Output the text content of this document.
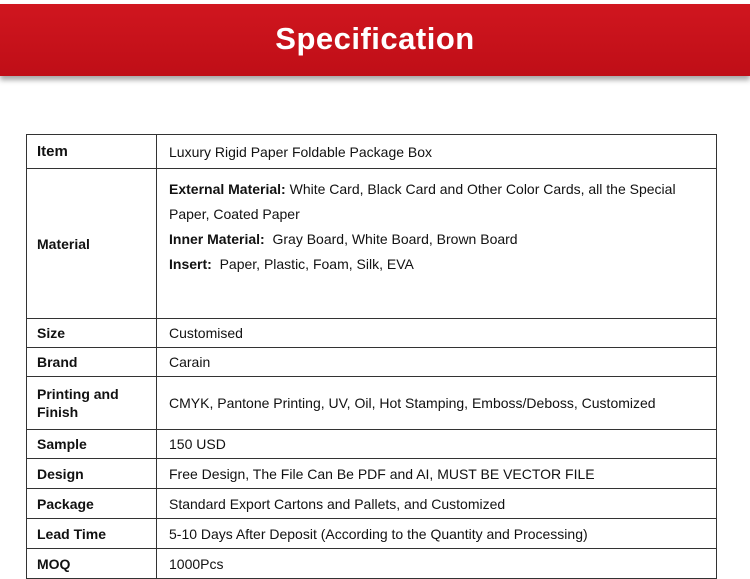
Specification
Item	Luxury Rigid Paper Foldable Package Box
Material	External Material: White Card, Black Card and Other Color Cards, all the Special Paper, Coated Paper
Inner Material:  Gray Board, White Board, Brown Board
Insert:  Paper, Plastic, Foam, Silk, EVA

Size	Customised
Brand	Carain
Printing and Finish	CMYK, Pantone Printing, UV, Oil, Hot Stamping, Emboss/Deboss, Customized
Sample	150 USD
Design	Free Design, The File Can Be PDF and AI, MUST BE VECTOR FILE
Package	Standard Export Cartons and Pallets, and Customized
Lead Time	5-10 Days After Deposit (According to the Quantity and Processing)
MOQ	1000Pcs
